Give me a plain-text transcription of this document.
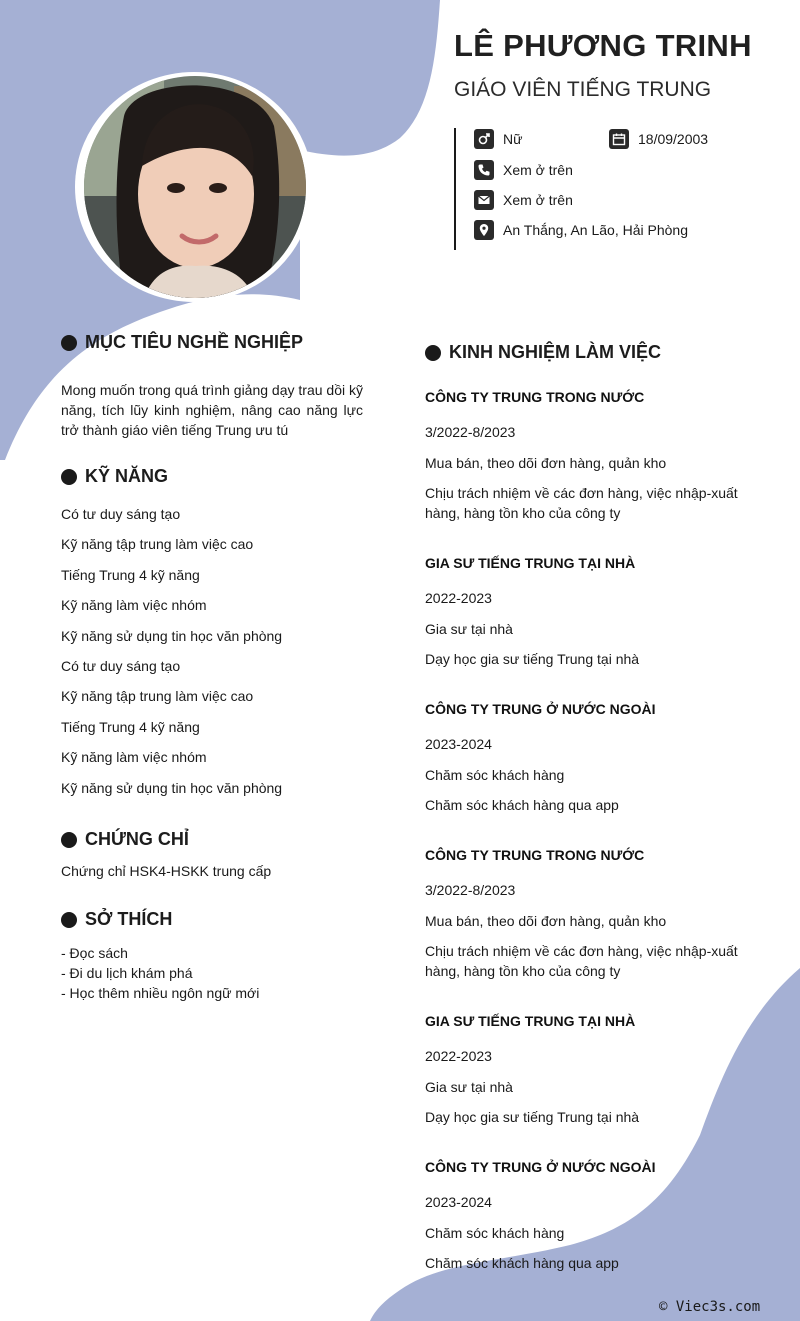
LÊ PHƯƠNG TRINH
GIÁO VIÊN TIẾNG TRUNG
Nữ	18/09/2003
Xem ở trên
Xem ở trên
An Thắng, An Lão, Hải Phòng
MỤC TIÊU NGHỀ NGHIỆP

Mong muốn trong quá trình giảng dạy trau dồi kỹ năng, tích lũy kinh nghiệm, nâng cao năng lực trở thành giáo viên tiếng Trung ưu tú

KỸ NĂNG
Có tư duy sáng tạo
Kỹ năng tập trung làm việc cao
Tiếng Trung 4 kỹ năng
Kỹ năng làm việc nhóm
Kỹ năng sử dụng tin học văn phòng
Có tư duy sáng tạo
Kỹ năng tập trung làm việc cao
Tiếng Trung 4 kỹ năng
Kỹ năng làm việc nhóm
Kỹ năng sử dụng tin học văn phòng
CHỨNG CHỈ
Chứng chỉ HSK4-HSKK trung cấp
SỞ THÍCH
- Đọc sách
- Đi du lịch khám phá
- Học thêm nhiều ngôn ngữ mới
KINH NGHIỆM LÀM VIỆC
CÔNG TY TRUNG TRONG NƯỚC
3/2022-8/2023
Mua bán, theo dõi đơn hàng, quản kho
Chịu trách nhiệm về các đơn hàng, việc nhập-xuất hàng, hàng tồn kho của công ty
GIA SƯ TIẾNG TRUNG TẠI NHÀ
2022-2023
Gia sư tại nhà
Dạy học gia sư tiếng Trung tại nhà
CÔNG TY TRUNG Ở NƯỚC NGOÀI
2023-2024
Chăm sóc khách hàng
Chăm sóc khách hàng qua app
CÔNG TY TRUNG TRONG NƯỚC
3/2022-8/2023
Mua bán, theo dõi đơn hàng, quản kho
Chịu trách nhiệm về các đơn hàng, việc nhập-xuất hàng, hàng tồn kho của công ty
GIA SƯ TIẾNG TRUNG TẠI NHÀ
2022-2023
Gia sư tại nhà
Dạy học gia sư tiếng Trung tại nhà
CÔNG TY TRUNG Ở NƯỚC NGOÀI
2023-2024
Chăm sóc khách hàng
Chăm sóc khách hàng qua app
© Viec3s.com
